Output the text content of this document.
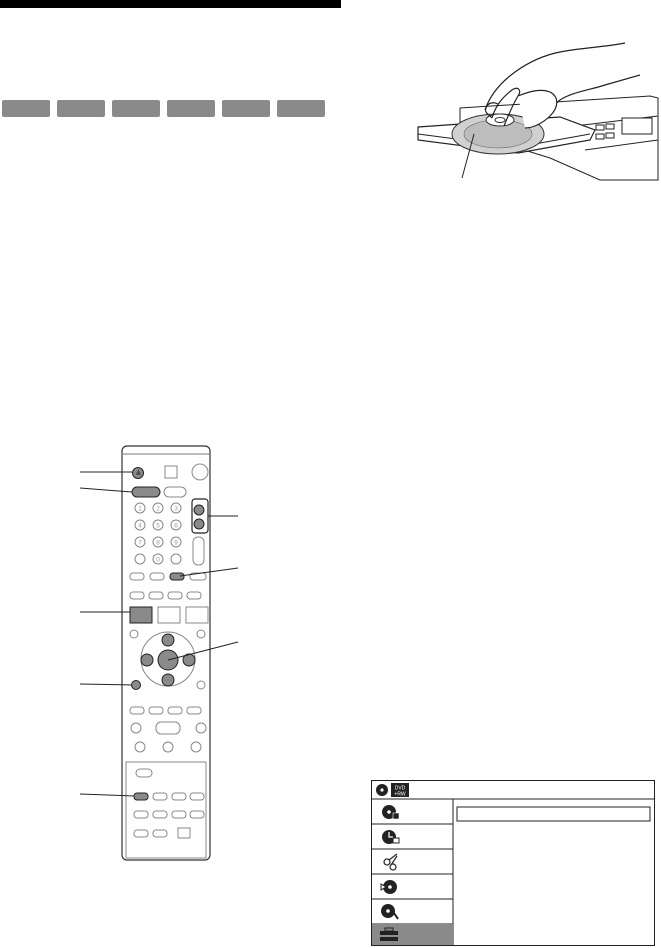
≜
1 2 3
4 5 6
7 8 9
0
DVD
+RW
